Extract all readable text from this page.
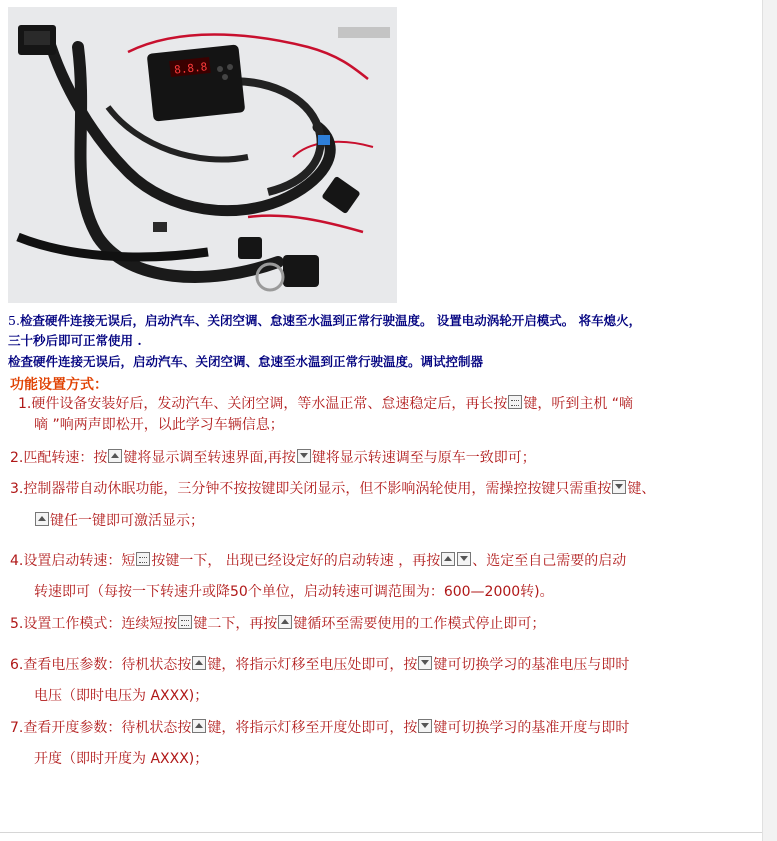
8.8.8
5.检查硬件连接无误后，启动汽车、关闭空调、怠速至水温到正常行驶温度。 设置电动涡轮开启模式。 将车熄火，
三十秒后即可正常使用 .
检查硬件连接无误后，启动汽车、关闭空调、怠速至水温到正常行驶温度。调试控制器
功能设置方式：
1.硬件设备安装好后，发动汽车、关闭空调，等水温正常、怠速稳定后，再长按 键，听到主机 “嘀
嘀 ”响两声即松开，以此学习车辆信息；
2.匹配转速：按 键将显示调至转速界面,再按 键将显示转速调至与原车一致即可；
3.控制器带自动休眠功能，三分钟不按按键即关闭显示，但不影响涡轮使用，需操控按键只需重按 键、
键任一键即可激活显示；
4.设置启动转速：短 按键一下， 出现已经设定好的启动转速 ，再按 、选定至自己需要的启动
转速即可（每按一下转速升或降50个单位，启动转速可调范围为：600—2000转)。
5.设置工作模式：连续短按 键二下，再按 键循环至需要使用的工作模式停止即可；
6.查看电压参数：待机状态按 键，将指示灯移至电压处即可，按 键可切换学习的基准电压与即时
电压（即时电压为 AXXX)；
7.查看开度参数：待机状态按 键，将指示灯移至开度处即可，按 键可切换学习的基准开度与即时
开度（即时开度为 AXXX)；
